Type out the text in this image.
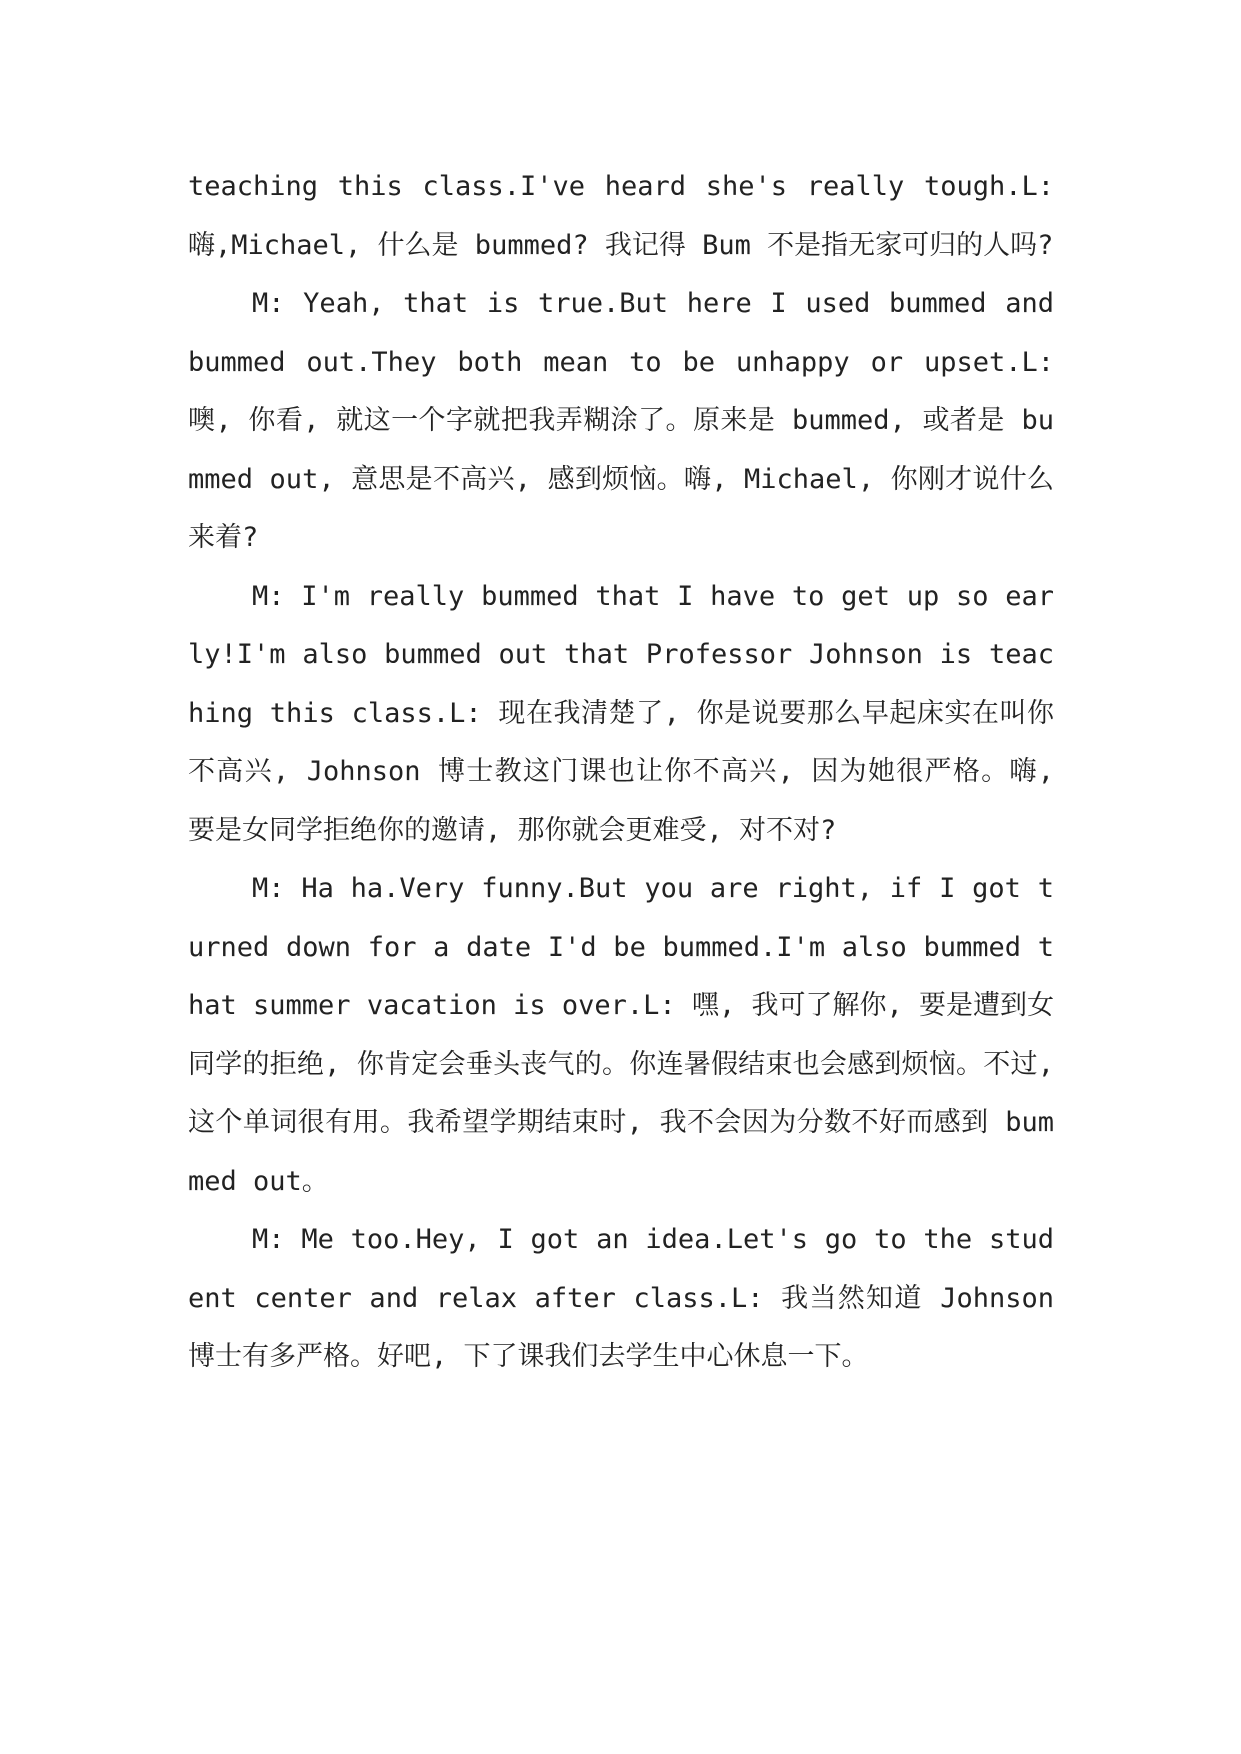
teaching this class.I've heard she's really tough.L: 嗨,Michael, 什么是 bummed? 我记得 Bum 不是指无家可归的人吗?

M: Yeah, that is true.But here I used bummed and bummed out.They both mean to be unhappy or upset.L: 噢, 你看, 就这一个字就把我弄糊涂了。原来是 bummed, 或者是 bummed out, 意思是不高兴, 感到烦恼。嗨, Michael, 你刚才说什么来着?

M: I'm really bummed that I have to get up so early!I'm also bummed out that Professor Johnson is teaching this class.L: 现在我清楚了, 你是说要那么早起床实在叫你不高兴, Johnson 博士教这门课也让你不高兴, 因为她很严格。嗨, 要是女同学拒绝你的邀请, 那你就会更难受, 对不对?

M: Ha ha.Very funny.But you are right, if I got turned down for a date I'd be bummed.I'm also bummed that summer vacation is over.L: 嘿, 我可了解你, 要是遭到女同学的拒绝, 你肯定会垂头丧气的。你连暑假结束也会感到烦恼。不过, 这个单词很有用。我希望学期结束时, 我不会因为分数不好而感到 bummed out。

M: Me too.Hey, I got an idea.Let's go to the student center and relax after class.L: 我当然知道 Johnson 博士有多严格。好吧, 下了课我们去学生中心休息一下。
